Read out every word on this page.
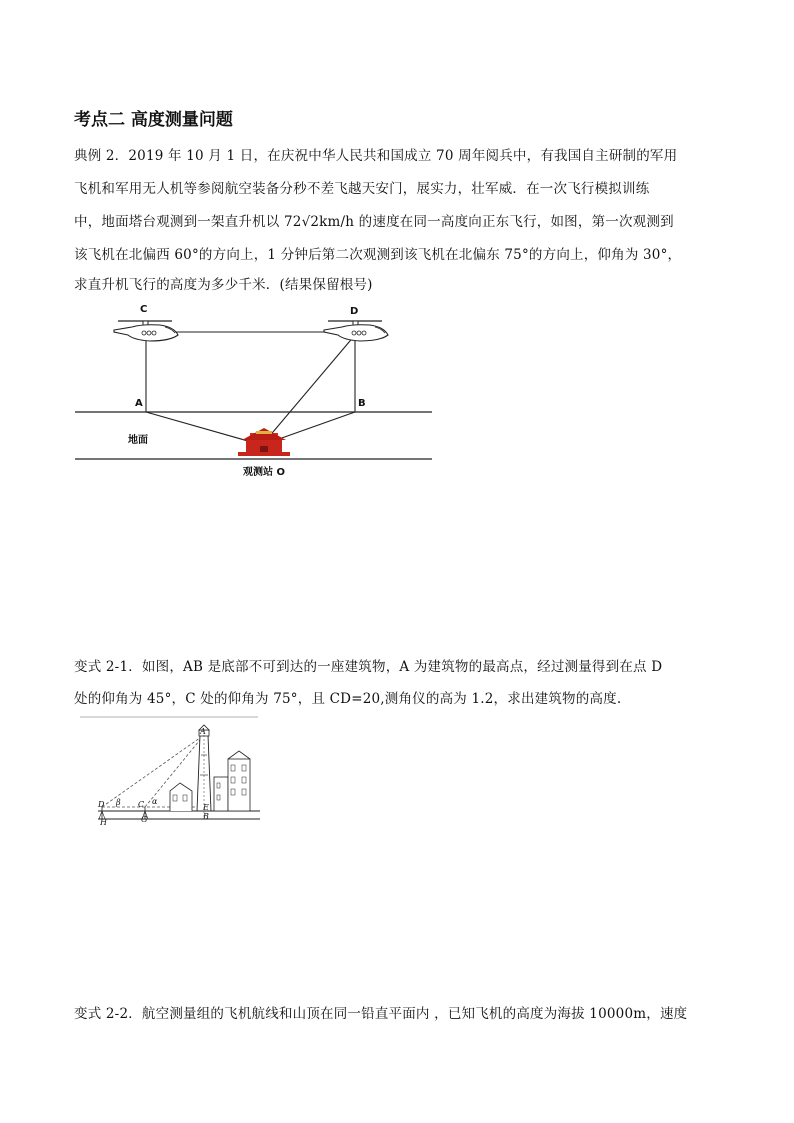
考点二 高度测量问题
典例 2．2019 年 10 月 1 日，在庆祝中华人民共和国成立 70 周年阅兵中，有我国自主研制的军用
飞机和军用无人机等参阅航空装备分秒不差飞越天安门，展实力，壮军威．在一次飞行模拟训练
中，地面塔台观测到一架直升机以 72√2km/h 的速度在同一高度向正东飞行，如图，第一次观测到
该飞机在北偏西 60°的方向上，1 分钟后第二次观测到该飞机在北偏东 75°的方向上，仰角为 30°，
求直升机飞行的高度为多少千米．(结果保留根号)
C	D
A	B
地面
观测站 O
变式 2-1．如图，AB 是底部不可到达的一座建筑物，A 为建筑物的最高点，经过测量得到在点 D
处的仰角为 45°，C 处的仰角为 75°，且 CD=20,测角仪的高为 1.2，求出建筑物的高度.
A
D β C α
E
H	G	B
变式 2-2．航空测量组的飞机航线和山顶在同一铅直平面内 ，已知飞机的高度为海拔 10000m，速度
